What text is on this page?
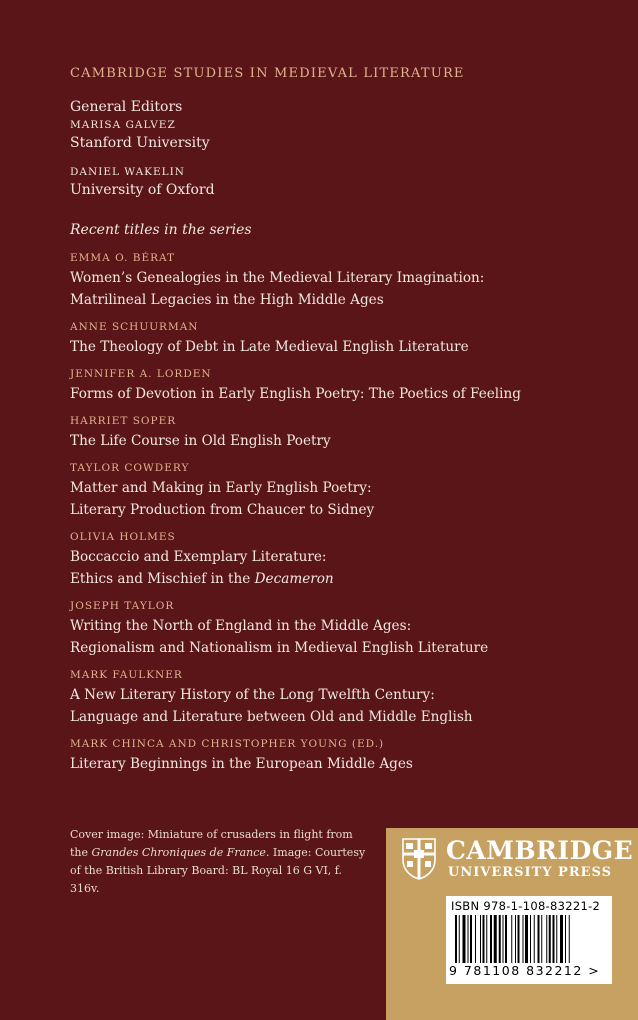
CAMBRIDGE STUDIES IN MEDIEVAL LITERATURE
General Editors
MARISA GALVEZ
Stanford University
DANIEL WAKELIN
University of Oxford
Recent titles in the series
EMMA O. BÉRAT
Women’s Genealogies in the Medieval Literary Imagination:
Matrilineal Legacies in the High Middle Ages
ANNE SCHUURMAN
The Theology of Debt in Late Medieval English Literature
JENNIFER A. LORDEN
Forms of Devotion in Early English Poetry: The Poetics of Feeling
HARRIET SOPER
The Life Course in Old English Poetry
TAYLOR COWDERY
Matter and Making in Early English Poetry:
Literary Production from Chaucer to Sidney
OLIVIA HOLMES
Boccaccio and Exemplary Literature:
Ethics and Mischief in the Decameron
JOSEPH TAYLOR
Writing the North of England in the Middle Ages:
Regionalism and Nationalism in Medieval English Literature
MARK FAULKNER
A New Literary History of the Long Twelfth Century:
Language and Literature between Old and Middle English
MARK CHINCA AND CHRISTOPHER YOUNG (ED.)
Literary Beginnings in the European Middle Ages
Cover image: Miniature of crusaders in flight from the Grandes Chroniques de France. Image: Courtesy of the British Library Board: BL Royal 16 G VI, f. 316v.
CAMBRIDGE
UNIVERSITY PRESS
ISBN 978-1-108-83221-2
9 781108 832212 >
